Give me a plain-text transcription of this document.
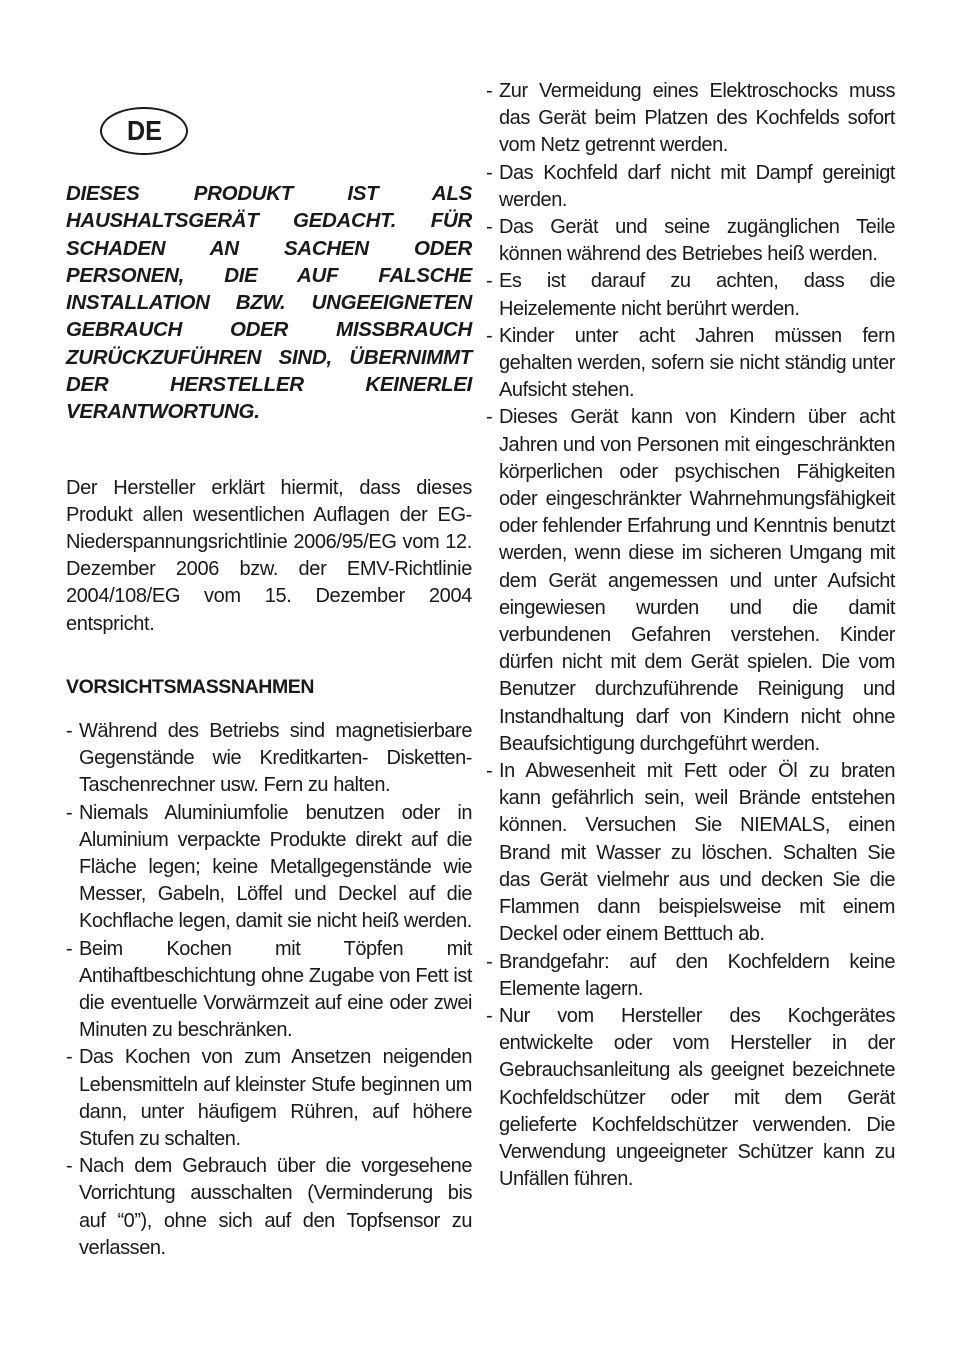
DE

DIESES PRODUKT IST ALS HAUSHALTSGERÄT GEDACHT. FÜR SCHADEN AN SACHEN ODER PERSONEN, DIE AUF FALSCHE INSTALLATION BZW. UNGEEIGNETEN GEBRAUCH ODER MISSBRAUCH ZURÜCKZUFÜHREN SIND, ÜBERNIMMT DER HERSTELLER KEINERLEI VERANTWORTUNG.

Der Hersteller erklärt hiermit, dass dieses Produkt allen wesentlichen Auflagen der EG-Niederspannungsrichtlinie 2006/95/EG vom 12. Dezember 2006 bzw. der EMV-Richtlinie 2004/108/EG vom 15. Dezember 2004 entspricht.

VORSICHTSMASSNAHMEN
- Während des Betriebs sind magnetisierbare Gegenstände wie Kreditkarten- Disketten- Taschenrechner usw. Fern zu halten.
- Niemals Aluminiumfolie benutzen oder in Aluminium verpackte Produkte direkt auf die Fläche legen; keine Metallgegenstände wie Messer, Gabeln, Löffel und Deckel auf die Kochflache legen, damit sie nicht heiß werden.
- Beim Kochen mit Töpfen mit Antihaftbeschichtung ohne Zugabe von Fett ist die eventuelle Vorwärmzeit auf eine oder zwei Minuten zu beschränken.
- Das Kochen von zum Ansetzen neigenden Lebensmitteln auf kleinster Stufe beginnen um dann, unter häufigem Rühren, auf höhere Stufen zu schalten.
- Nach dem Gebrauch über die vorgesehene Vorrichtung ausschalten (Verminderung bis auf “0”), ohne sich auf den Topfsensor zu verlassen.
- Zur Vermeidung eines Elektroschocks muss das Gerät beim Platzen des Kochfelds sofort vom Netz getrennt werden.
- Das Kochfeld darf nicht mit Dampf gereinigt werden.
- Das Gerät und seine zugänglichen Teile können während des Betriebes heiß werden.
- Es ist darauf zu achten, dass die Heizelemente nicht berührt werden.
- Kinder unter acht Jahren müssen fern gehalten werden, sofern sie nicht ständig unter Aufsicht stehen.
- Dieses Gerät kann von Kindern über acht Jahren und von Personen mit eingeschränkten körperlichen oder psychischen Fähigkeiten oder eingeschränkter Wahrnehmungsfähigkeit oder fehlender Erfahrung und Kenntnis benutzt werden, wenn diese im sicheren Umgang mit dem Gerät angemessen und unter Aufsicht eingewiesen wurden und die damit verbundenen Gefahren verstehen. Kinder dürfen nicht mit dem Gerät spielen. Die vom Benutzer durchzuführende Reinigung und Instandhaltung darf von Kindern nicht ohne Beaufsichtigung durchgeführt werden.
- In Abwesenheit mit Fett oder Öl zu braten kann gefährlich sein, weil Brände entstehen können. Versuchen Sie NIEMALS, einen Brand mit Wasser zu löschen. Schalten Sie das Gerät vielmehr aus und decken Sie die Flammen dann beispielsweise mit einem Deckel oder einem Betttuch ab.
- Brandgefahr: auf den Kochfeldern keine Elemente lagern.
- Nur vom Hersteller des Kochgerätes entwickelte oder vom Hersteller in der Gebrauchsanleitung als geeignet bezeichnete Kochfeldschützer oder mit dem Gerät gelieferte Kochfeldschützer verwenden. Die Verwendung ungeeigneter Schützer kann zu Unfällen führen.
